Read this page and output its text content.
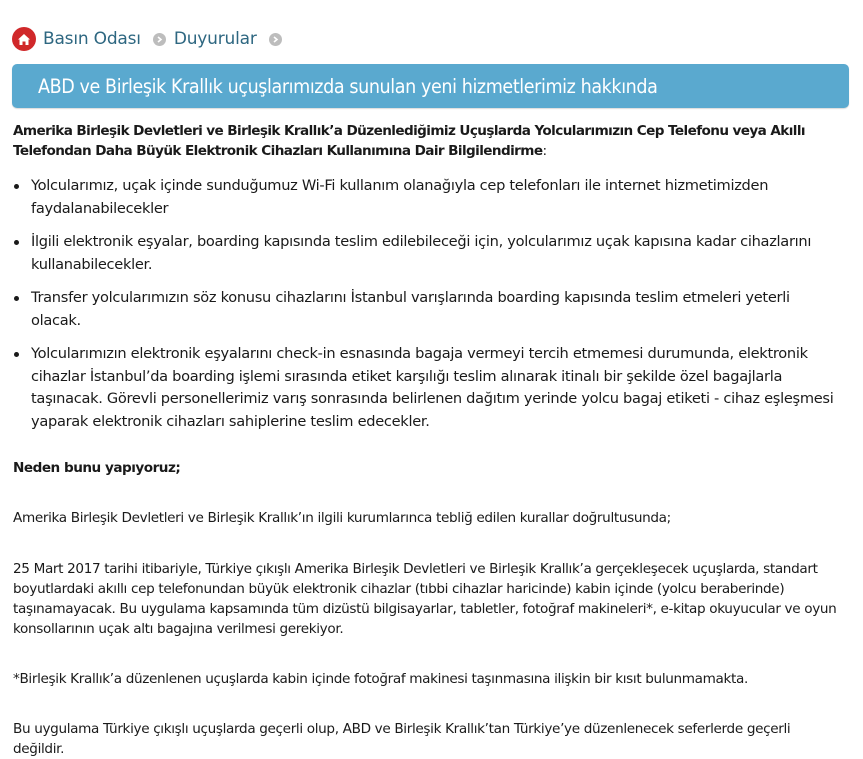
Basın Odası Duyurular
ABD ve Birleşik Krallık uçuşlarımızda sunulan yeni hizmetlerimiz hakkında

Amerika Birleşik Devletleri ve Birleşik Krallık’a Düzenlediğimiz Uçuşlarda Yolcularımızın Cep Telefonu veya Akıllı Telefondan Daha Büyük Elektronik Cihazları Kullanımına Dair Bilgilendirme:

Yolcularımız, uçak içinde sunduğumuz Wi-Fi kullanım olanağıyla cep telefonları ile internet hizmetimizden faydalanabilecekler
İlgili elektronik eşyalar, boarding kapısında teslim edilebileceği için, yolcularımız uçak kapısına kadar cihazlarını kullanabilecekler.
Transfer yolcularımızın söz konusu cihazlarını İstanbul varışlarında boarding kapısında teslim etmeleri yeterli olacak.
Yolcularımızın elektronik eşyalarını check-in esnasında bagaja vermeyi tercih etmemesi durumunda, elektronik cihazlar İstanbul’da boarding işlemi sırasında etiket karşılığı teslim alınarak itinalı bir şekilde özel bagajlarla taşınacak. Görevli personellerimiz varış sonrasında belirlenen dağıtım yerinde yolcu bagaj etiketi - cihaz eşleşmesi yaparak elektronik cihazları sahiplerine teslim edecekler.

Neden bunu yapıyoruz;

Amerika Birleşik Devletleri ve Birleşik Krallık’ın ilgili kurumlarınca tebliğ edilen kurallar doğrultusunda;

25 Mart 2017 tarihi itibariyle, Türkiye çıkışlı Amerika Birleşik Devletleri ve Birleşik Krallık’a gerçekleşecek uçuşlarda, standart boyutlardaki akıllı cep telefonundan büyük elektronik cihazlar (tıbbi cihazlar haricinde) kabin içinde (yolcu beraberinde) taşınamayacak. Bu uygulama kapsamında tüm dizüstü bilgisayarlar, tabletler, fotoğraf makineleri*, e-kitap okuyucular ve oyun konsollarının uçak altı bagajına verilmesi gerekiyor.

*Birleşik Krallık’a düzenlenen uçuşlarda kabin içinde fotoğraf makinesi taşınmasına ilişkin bir kısıt bulunmamakta.

Bu uygulama Türkiye çıkışlı uçuşlarda geçerli olup, ABD ve Birleşik Krallık’tan Türkiye’ye düzenlenecek seferlerde geçerli değildir.
